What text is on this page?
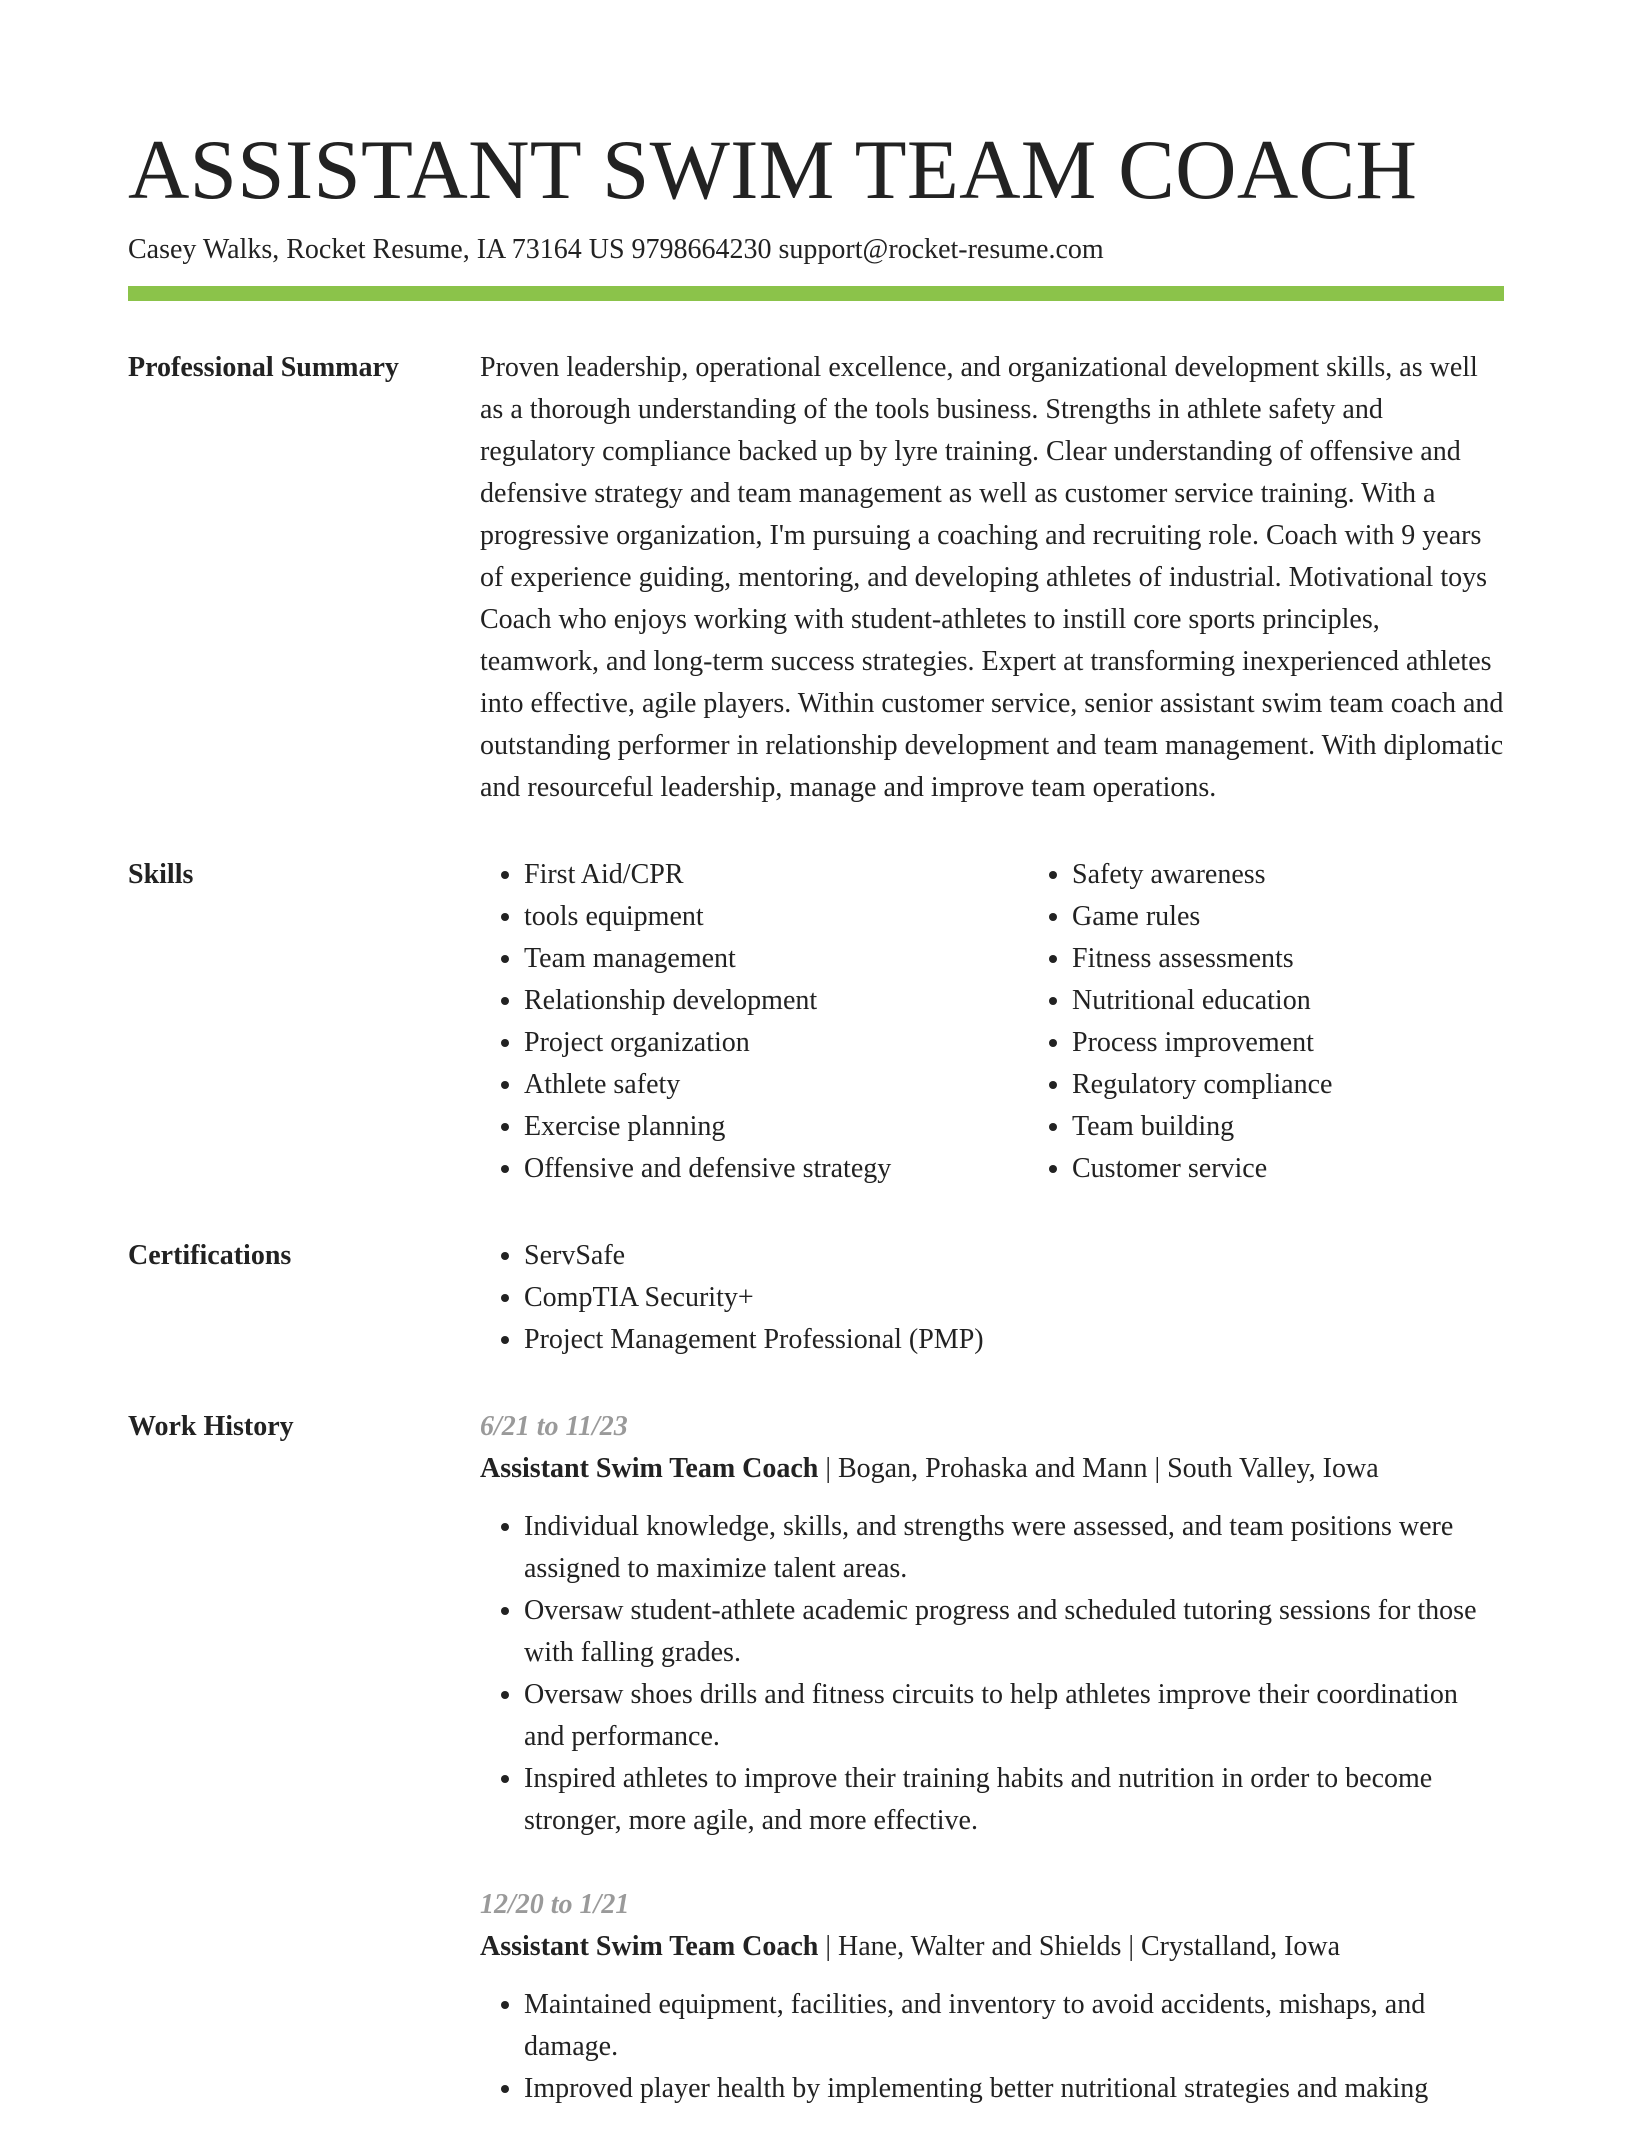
ASSISTANT SWIM TEAM COACH
Casey Walks, Rocket Resume, IA 73164 US 9798664230 support@rocket-resume.com
Professional Summary	Proven leadership, operational excellence, and organizational development skills, as well as a thorough understanding of the tools business. Strengths in athlete safety and regulatory compliance backed up by lyre training. Clear understanding of offensive and defensive strategy and team management as well as customer service training. With a progressive organization, I'm pursuing a coaching and recruiting role. Coach with 9 years of experience guiding, mentoring, and developing athletes of industrial. Motivational toys Coach who enjoys working with student-athletes to instill core sports principles, teamwork, and long-term success strategies. Expert at transforming inexperienced athletes into effective, agile players. Within customer service, senior assistant swim team coach and outstanding performer in relationship development and team management. With diplomatic and resourceful leadership, manage and improve team operations.

Skills	• First Aid/CPR
• tools equipment
• Team management
• Relationship development
• Project organization
• Athlete safety
• Exercise planning
• Offensive and defensive strategy
• Safety awareness
• Game rules
• Fitness assessments
• Nutritional education
• Process improvement
• Regulatory compliance
• Team building
• Customer service
Certifications	• ServSafe
• CompTIA Security+
• Project Management Professional (PMP)
Work History	6/21 to 11/23
Assistant Swim Team Coach | Bogan, Prohaska and Mann | South Valley, Iowa
• Individual knowledge, skills, and strengths were assessed, and team positions were assigned to maximize talent areas.
• Oversaw student-athlete academic progress and scheduled tutoring sessions for those with falling grades.
• Oversaw shoes drills and fitness circuits to help athletes improve their coordination and performance.
• Inspired athletes to improve their training habits and nutrition in order to become stronger, more agile, and more effective.
12/20 to 1/21
Assistant Swim Team Coach | Hane, Walter and Shields | Crystalland, Iowa
• Maintained equipment, facilities, and inventory to avoid accidents, mishaps, and damage.
• Improved player health by implementing better nutritional strategies and making
